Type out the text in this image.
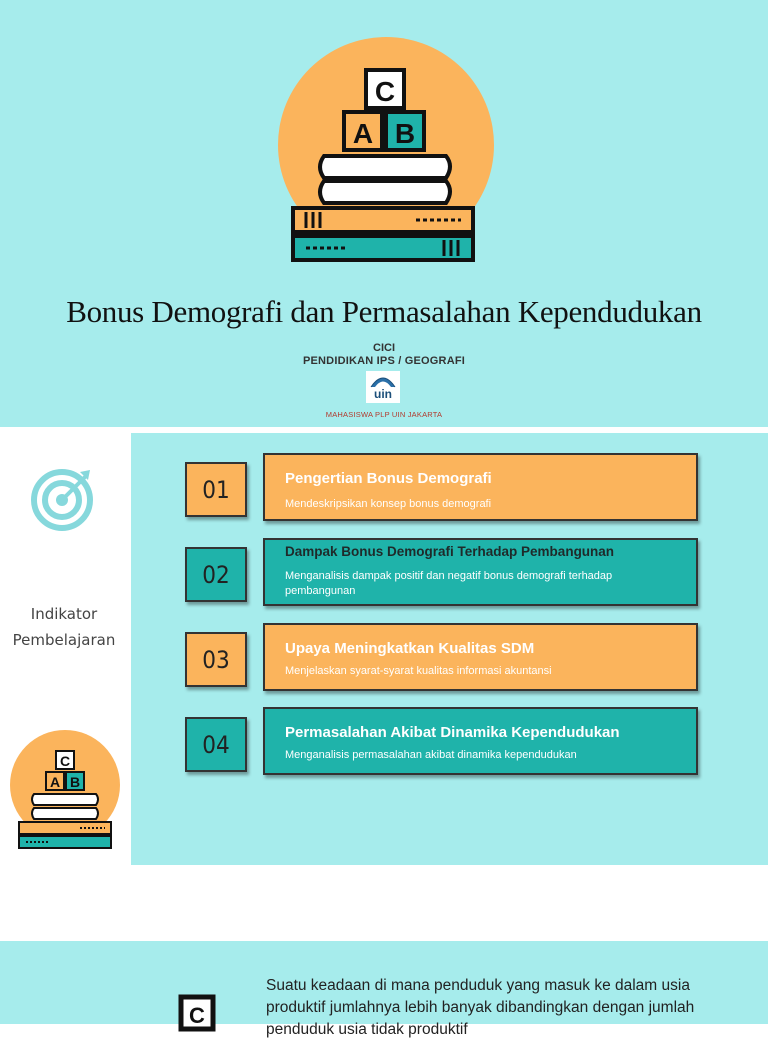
C
A B
Bonus Demografi dan Permasalahan Kependudukan
CICI
PENDIDIKAN IPS / GEOGRAFI
uin
MAHASISWA PLP UIN JAKARTA
Indikator
Pembelajaran
C
A B
01	Pengertian Bonus Demografi
Mendeskripsikan konsep bonus demografi
02
Dampak Bonus Demografi Terhadap Pembangunan
Menganalisis dampak positif dan negatif bonus demografi terhadap pembangunan
03	Upaya Meningkatkan Kualitas SDM
Menjelaskan syarat-syarat kualitas informasi akuntansi
04	Permasalahan Akibat Dinamika Kependudukan
Menganalisis permasalahan akibat dinamika kependudukan
Suatu keadaan di mana penduduk yang masuk ke dalam usia
produktif jumlahnya lebih banyak dibandingkan dengan jumlah
penduduk usia tidak produktif
C
